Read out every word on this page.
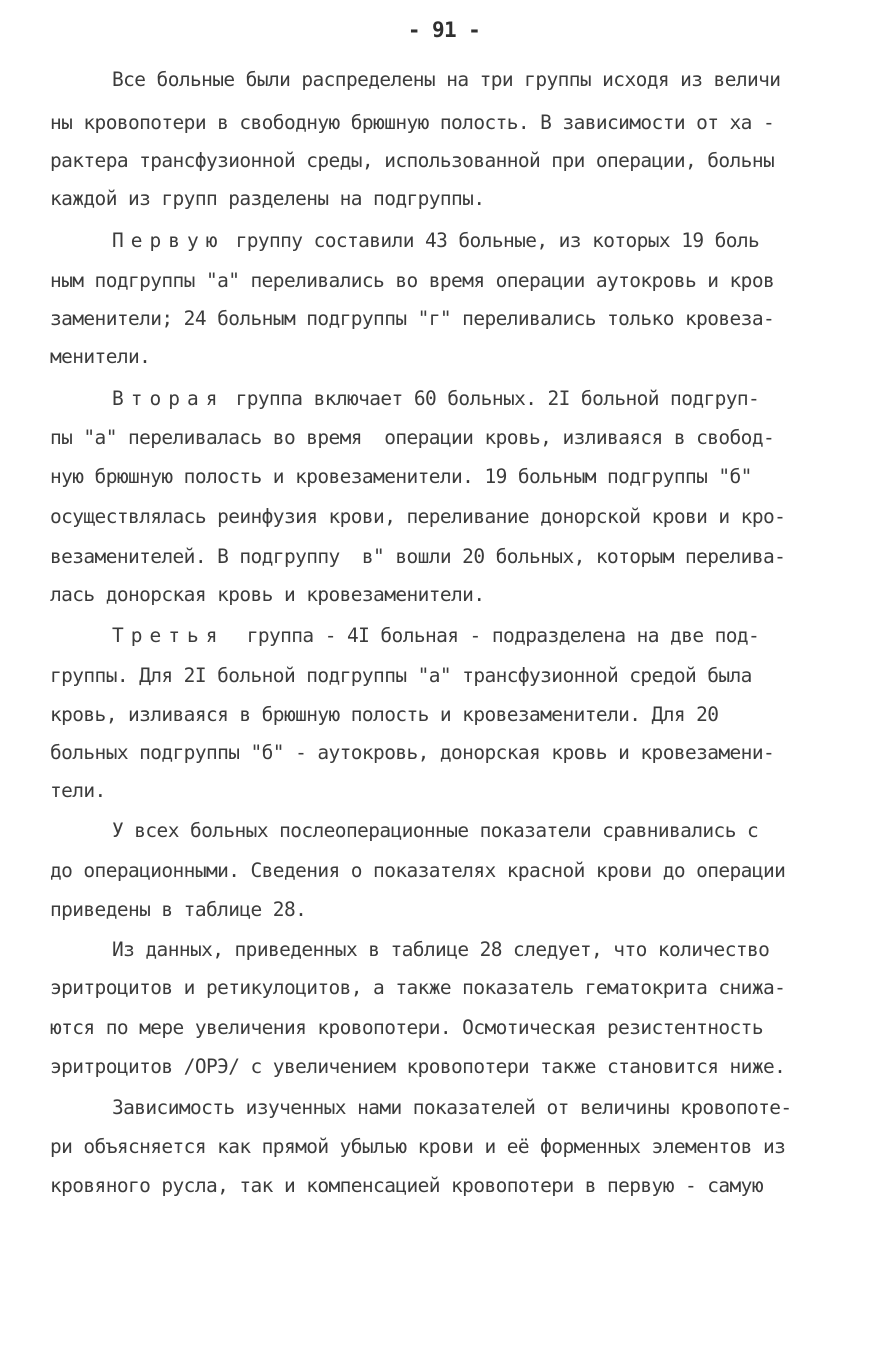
- 91 -
Все больные были распределены на три группы исходя из величи
ны кровопотери в свободную брюшную полость. В зависимости от ха -
рактера трансфузионной среды, использованной при операции, больны
каждой из групп разделены на подгруппы.
Первую группу составили 43 больные, из которых 19 боль
ным подгруппы "а" переливались во время операции аутокровь и кров
заменители; 24 больным подгруппы "г" переливались только кровеза-
менители.
Вторая группа включает 60 больных. 2I больной подгруп-
пы "а" переливалась во время  операции кровь, изливаяся в свобод-
ную брюшную полость и кровезаменители. 19 больным подгруппы "б"
осуществлялась реинфузия крови, переливание донорской крови и кро-
везаменителей. В подгруппу  в" вошли 20 больных, которым перелива-
лась донорская кровь и кровезаменители.
Третья  группа - 4I больная - подразделена на две под-
группы. Для 2I больной подгруппы "а" трансфузионной средой была
кровь, изливаяся в брюшную полость и кровезаменители. Для 20
больных подгруппы "б" - аутокровь, донорская кровь и кровезамени-
тели.
У всех больных послеоперационные показатели сравнивались с
до операционными. Сведения о показателях красной крови до операции
приведены в таблице 28.
Из данных, приведенных в таблице 28 следует, что количество
эритроцитов и ретикулоцитов, а также показатель гематокрита снижа-
ются по мере увеличения кровопотери. Осмотическая резистентность
эритроцитов /ОРЭ/ с увеличением кровопотери также становится ниже.
Зависимость изученных нами показателей от величины кровопоте-
ри объясняется как прямой убылью крови и её форменных элементов из
кровяного русла, так и компенсацией кровопотери в первую - самую
